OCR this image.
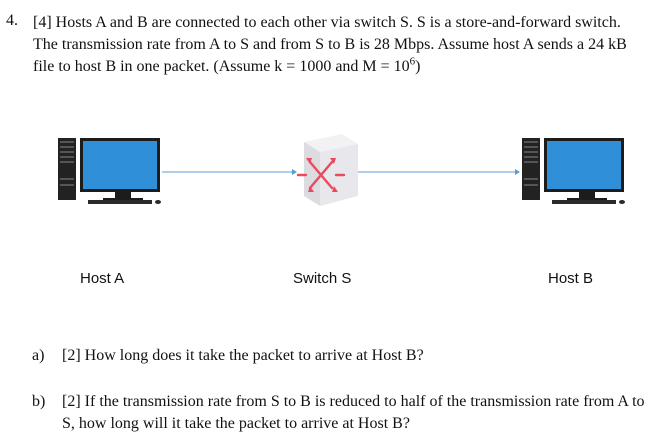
4. [4] Hosts A and B are connected to each other via switch S. S is a store-and-forward switch. The transmission rate from A to S and from S to B is 28 Mbps. Assume host A sends a 24 kB file to host B in one packet. (Assume k = 1000 and $M = 10^6$)
Host A	Switch S	Host B
a) [2] How long does it take the packet to arrive at Host B?
b) [2] If the transmission rate from S to B is reduced to half of the transmission rate from A to S, how long will it take the packet to arrive at Host B?
